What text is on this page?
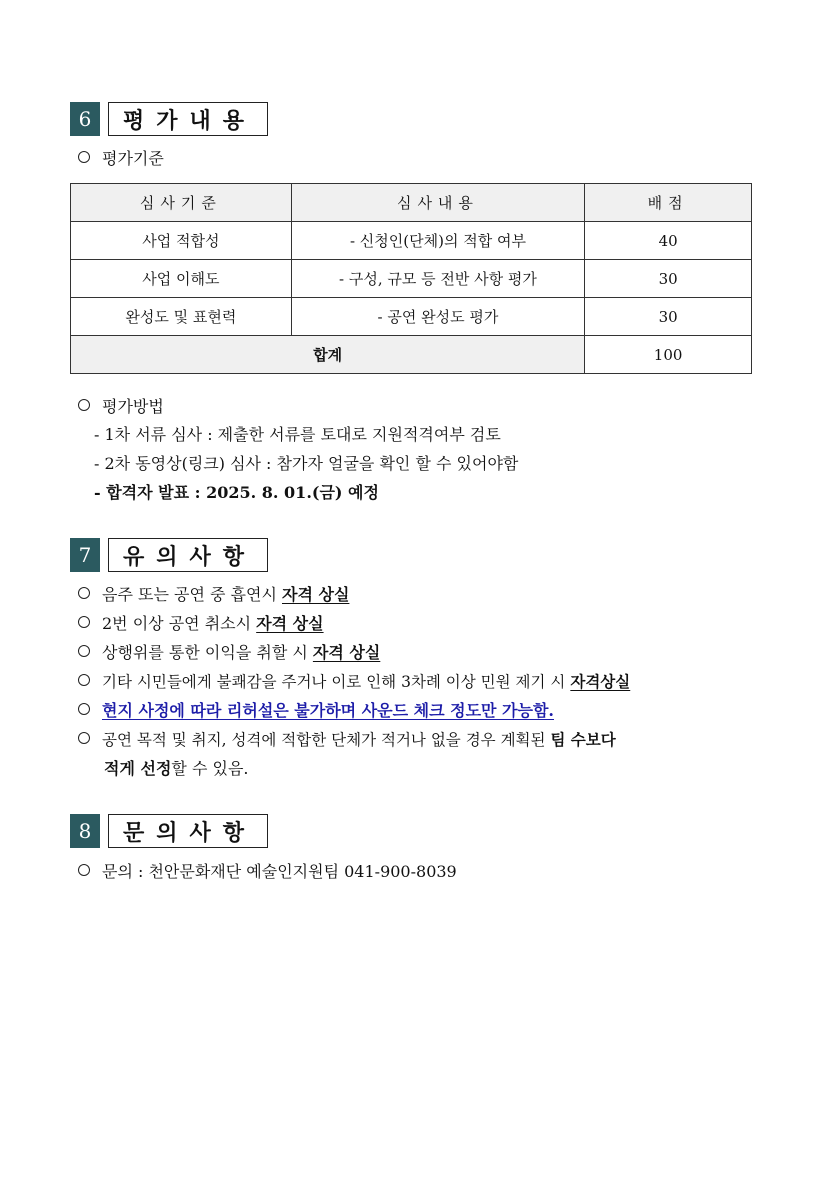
6	평가내용
평가기준
심사기준	심사내용	배점
사업 적합성	- 신청인(단체)의 적합 여부	40
사업 이해도	- 구성, 규모 등 전반 사항 평가	30
완성도 및 표현력	- 공연 완성도 평가	30
합계		100
평가방법
- 1차 서류 심사 : 제출한 서류를 토대로 지원적격여부 검토
- 2차 동영상(링크) 심사 : 참가자 얼굴을 확인 할 수 있어야함
- 합격자 발표 : 2025. 8. 01.(금) 예정
7	유의사항
음주 또는 공연 중 흡연시 자격 상실
2번 이상 공연 취소시 자격 상실
상행위를 통한 이익을 취할 시 자격 상실
기타 시민들에게 불쾌감을 주거나 이로 인해 3차례 이상 민원 제기 시 자격상실
현지 사정에 따라 리허설은 불가하며 사운드 체크 정도만 가능함.
공연 목적 및 취지, 성격에 적합한 단체가 적거나 없을 경우 계획된 팀 수보다
적게 선정할 수 있음.
8	문의사항
문의 : 천안문화재단 예술인지원팀 041-900-8039
